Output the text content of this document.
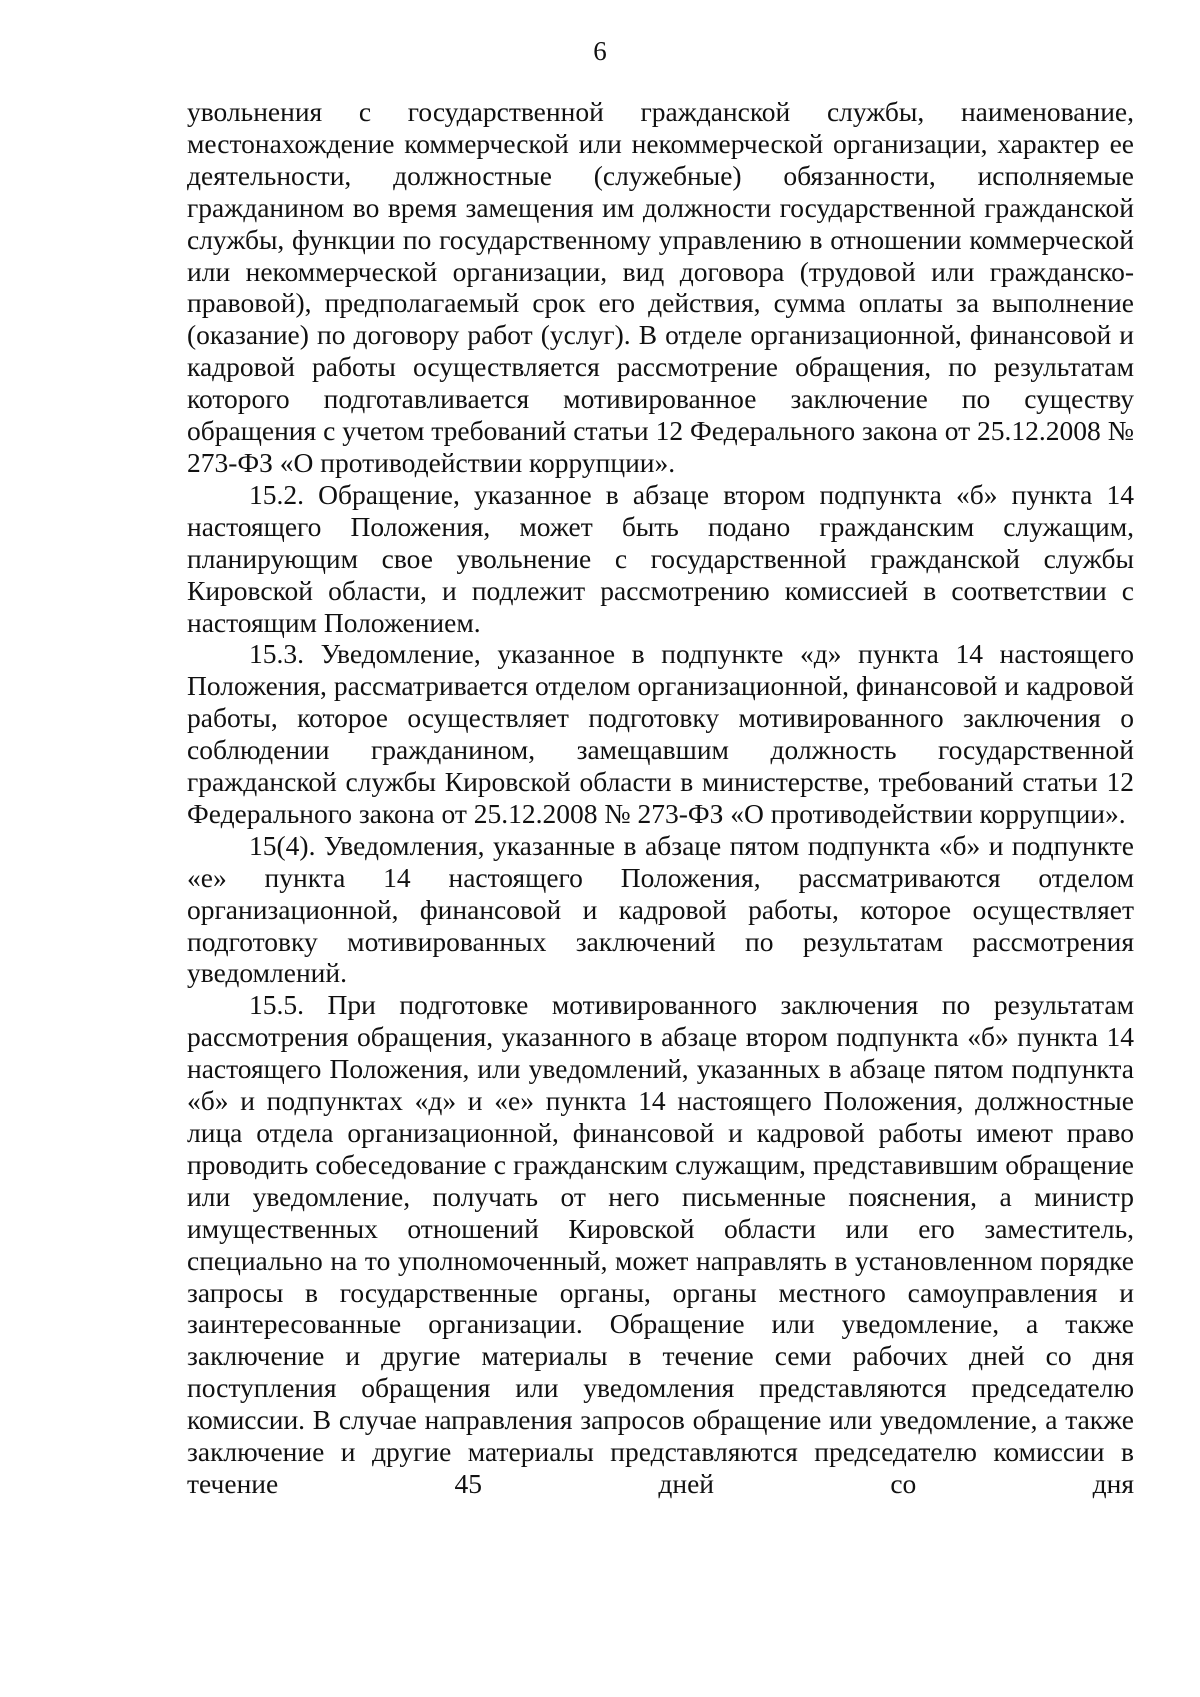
6

увольнения с государственной гражданской службы, наименование, местонахождение коммерческой или некоммерческой организации, характер ее деятельности, должностные (служебные) обязанности, исполняемые гражданином во время замещения им должности государственной гражданской службы, функции по государственному управлению в отношении коммерческой или некоммерческой организации, вид договора (трудовой или гражданско-правовой), предполагаемый срок его действия, сумма оплаты за выполнение (оказание) по договору работ (услуг). В отделе организационной, финансовой и кадровой работы осуществляется рассмотрение обращения, по результатам которого подготавливается мотивированное заключение по существу обращения с учетом требований статьи 12 Федерального закона от 25.12.2008 № 273-ФЗ «О противодействии коррупции».

15.2. Обращение, указанное в абзаце втором подпункта «б» пункта 14 настоящего Положения, может быть подано гражданским служащим, планирующим свое увольнение с государственной гражданской службы Кировской области, и подлежит рассмотрению комиссией в соответствии с настоящим Положением.

15.3. Уведомление, указанное в подпункте «д» пункта 14 настоящего Положения, рассматривается отделом организационной, финансовой и кадровой работы, которое осуществляет подготовку мотивированного заключения о соблюдении гражданином, замещавшим должность государственной гражданской службы Кировской области в министерстве, требований статьи 12 Федерального закона от 25.12.2008 № 273-ФЗ «О противодействии коррупции».

15(4). Уведомления, указанные в абзаце пятом подпункта «б» и подпункте «е» пункта 14 настоящего Положения, рассматриваются отделом организационной, финансовой и кадровой работы, которое осуществляет подготовку мотивированных заключений по результатам рассмотрения уведомлений.

15.5. При подготовке мотивированного заключения по результатам рассмотрения обращения, указанного в абзаце втором подпункта «б» пункта 14 настоящего Положения, или уведомлений, указанных в абзаце пятом подпункта «б» и подпунктах «д» и «е» пункта 14 настоящего Положения, должностные лица отдела организационной, финансовой и кадровой работы имеют право проводить собеседование с гражданским служащим, представившим обращение или уведомление, получать от него письменные пояснения, а министр имущественных отношений Кировской области или его заместитель, специально на то уполномоченный, может направлять в установленном порядке запросы в государственные органы, органы местного самоуправления и заинтересованные организации. Обращение или уведомление, а также заключение и другие материалы в течение семи рабочих дней со дня поступления обращения или уведомления представляются председателю комиссии. В случае направления запросов обращение или уведомление, а также заключение и другие материалы представляются председателю комиссии в течение 45 дней со дня
